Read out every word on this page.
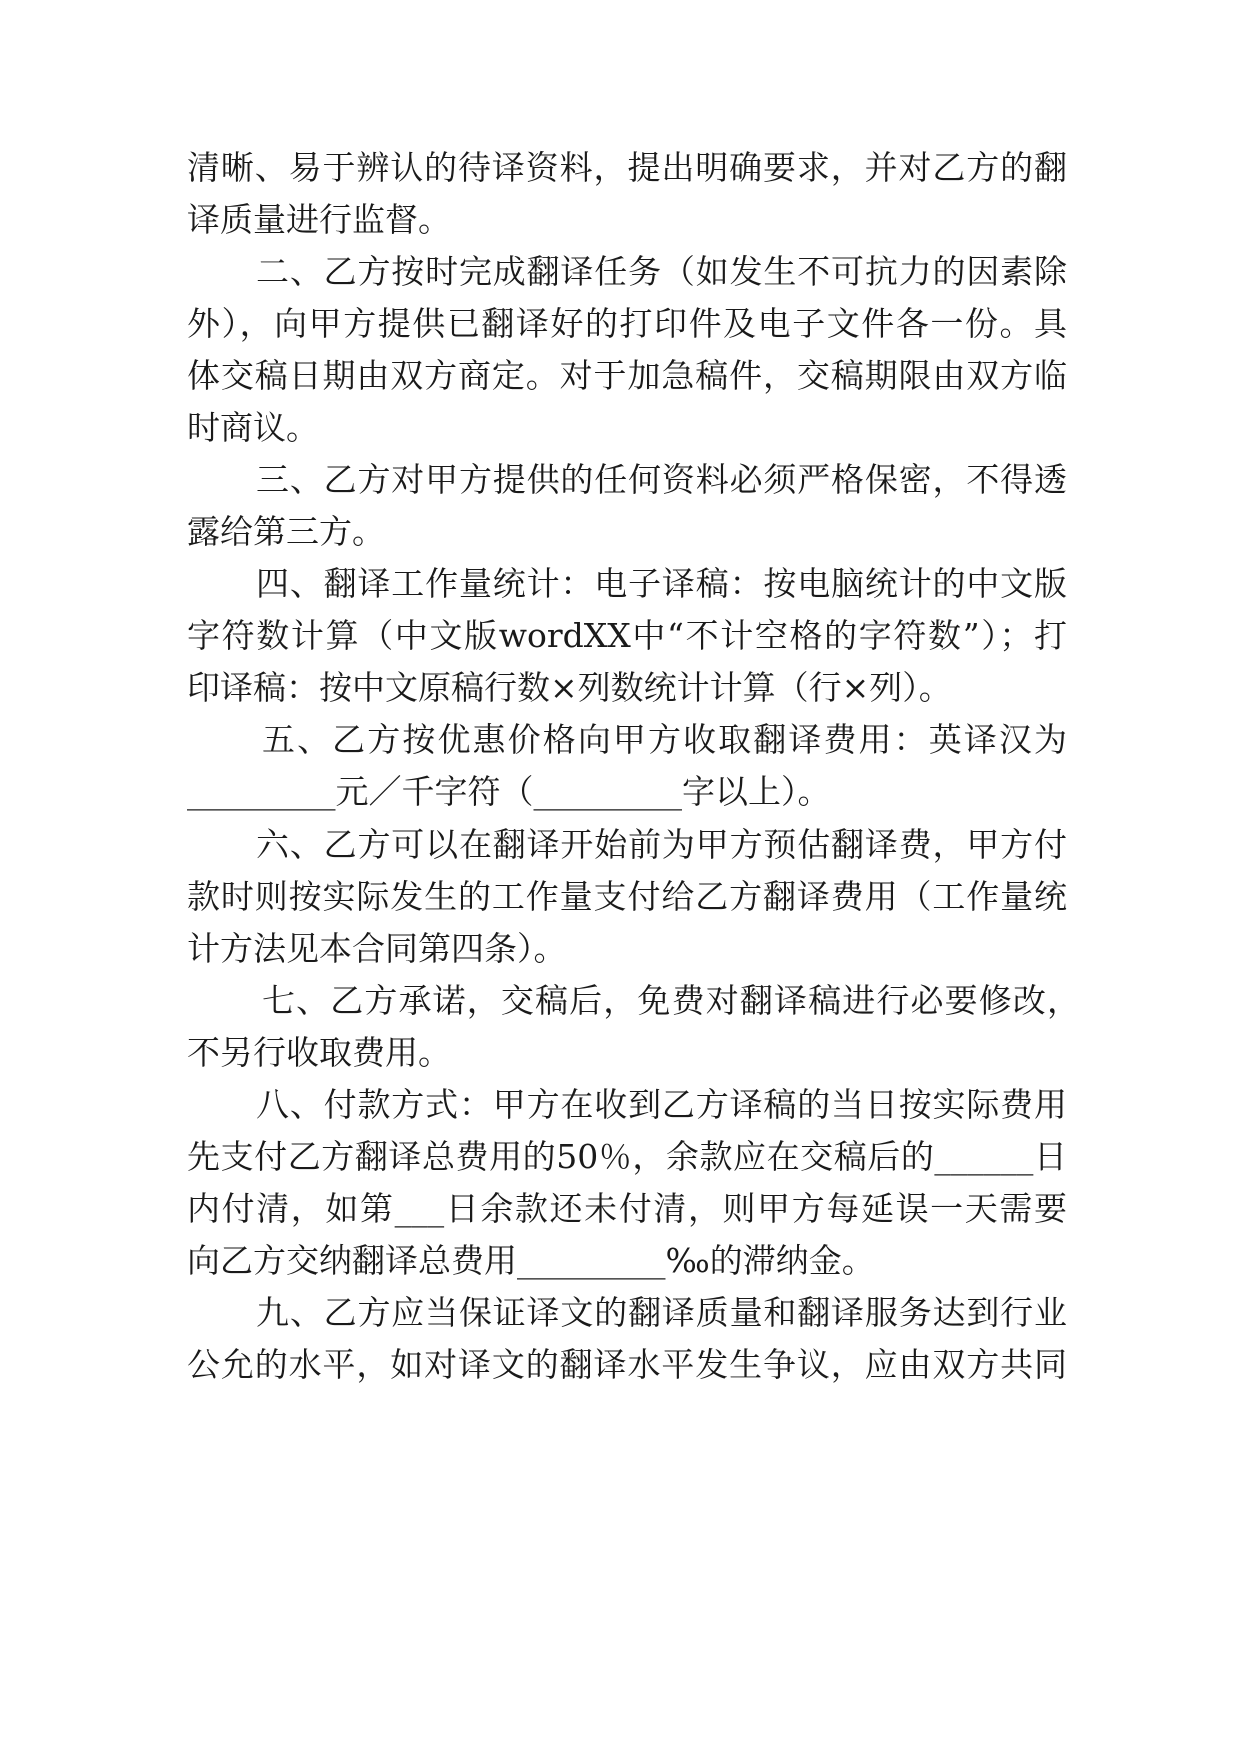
清晰、易于辨认的待译资料，提出明确要求，并对乙方的翻
译质量进行监督。
二、乙方按时完成翻译任务（如发生不可抗力的因素除
外），向甲方提供已翻译好的打印件及电子文件各一份。具
体交稿日期由双方商定。对于加急稿件，交稿期限由双方临
时商议。
三、乙方对甲方提供的任何资料必须严格保密，不得透
露给第三方。
四、翻译工作量统计：电子译稿：按电脑统计的中文版
字符数计算（中文版wordXX中“不计空格的字符数”）；打
印译稿：按中文原稿行数×列数统计计算（行×列）。
五、乙方按优惠价格向甲方收取翻译费用：英译汉为
_________元／千字符（_________字以上）。
六、乙方可以在翻译开始前为甲方预估翻译费，甲方付
款时则按实际发生的工作量支付给乙方翻译费用（工作量统
计方法见本合同第四条）。
七、乙方承诺，交稿后，免费对翻译稿进行必要修改，
不另行收取费用。
八、付款方式：甲方在收到乙方译稿的当日按实际费用
先支付乙方翻译总费用的50％，余款应在交稿后的______日
内付清，如第___日余款还未付清，则甲方每延误一天需要
向乙方交纳翻译总费用_________‰的滞纳金。
九、乙方应当保证译文的翻译质量和翻译服务达到行业
公允的水平，如对译文的翻译水平发生争议，应由双方共同
